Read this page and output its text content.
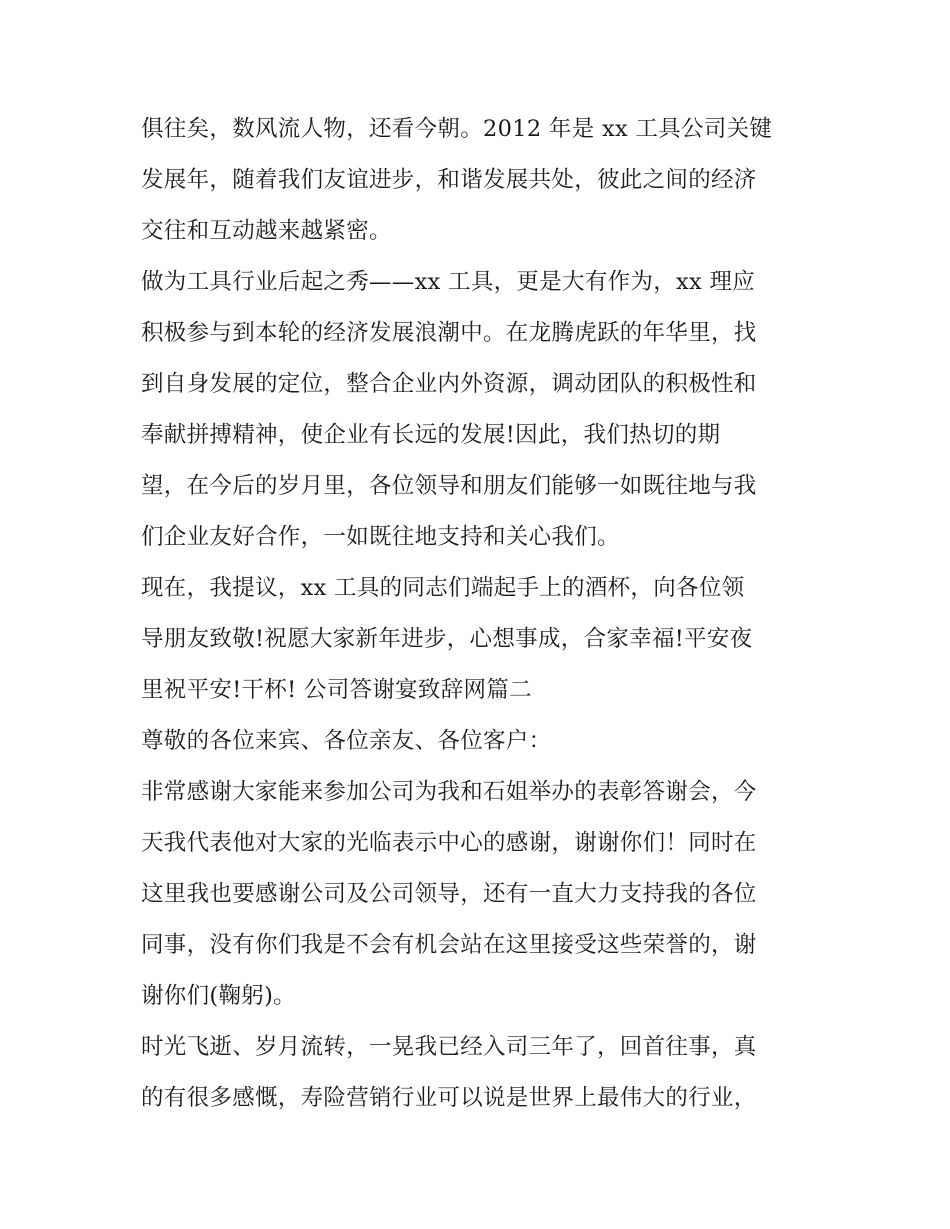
俱往矣，数风流人物，还看今朝。2012 年是 xx 工具公司关键
发展年，随着我们友谊进步，和谐发展共处，彼此之间的经济
交往和互动越来越紧密。
做为工具行业后起之秀——xx 工具，更是大有作为，xx 理应
积极参与到本轮的经济发展浪潮中。在龙腾虎跃的年华里，找
到自身发展的定位，整合企业内外资源，调动团队的积极性和
奉献拼搏精神，使企业有长远的发展!因此，我们热切的期
望，在今后的岁月里，各位领导和朋友们能够一如既往地与我
们企业友好合作，一如既往地支持和关心我们。
现在，我提议，xx 工具的同志们端起手上的酒杯，向各位领
导朋友致敬!祝愿大家新年进步，心想事成，合家幸福!平安夜
里祝平安!干杯! 公司答谢宴致辞网篇二
尊敬的各位来宾、各位亲友、各位客户：
非常感谢大家能来参加公司为我和石姐举办的表彰答谢会，今
天我代表他对大家的光临表示中心的感谢，谢谢你们！同时在
这里我也要感谢公司及公司领导，还有一直大力支持我的各位
同事，没有你们我是不会有机会站在这里接受这些荣誉的，谢
谢你们(鞠躬)。
时光飞逝、岁月流转，一晃我已经入司三年了，回首往事，真
的有很多感慨，寿险营销行业可以说是世界上最伟大的行业，
